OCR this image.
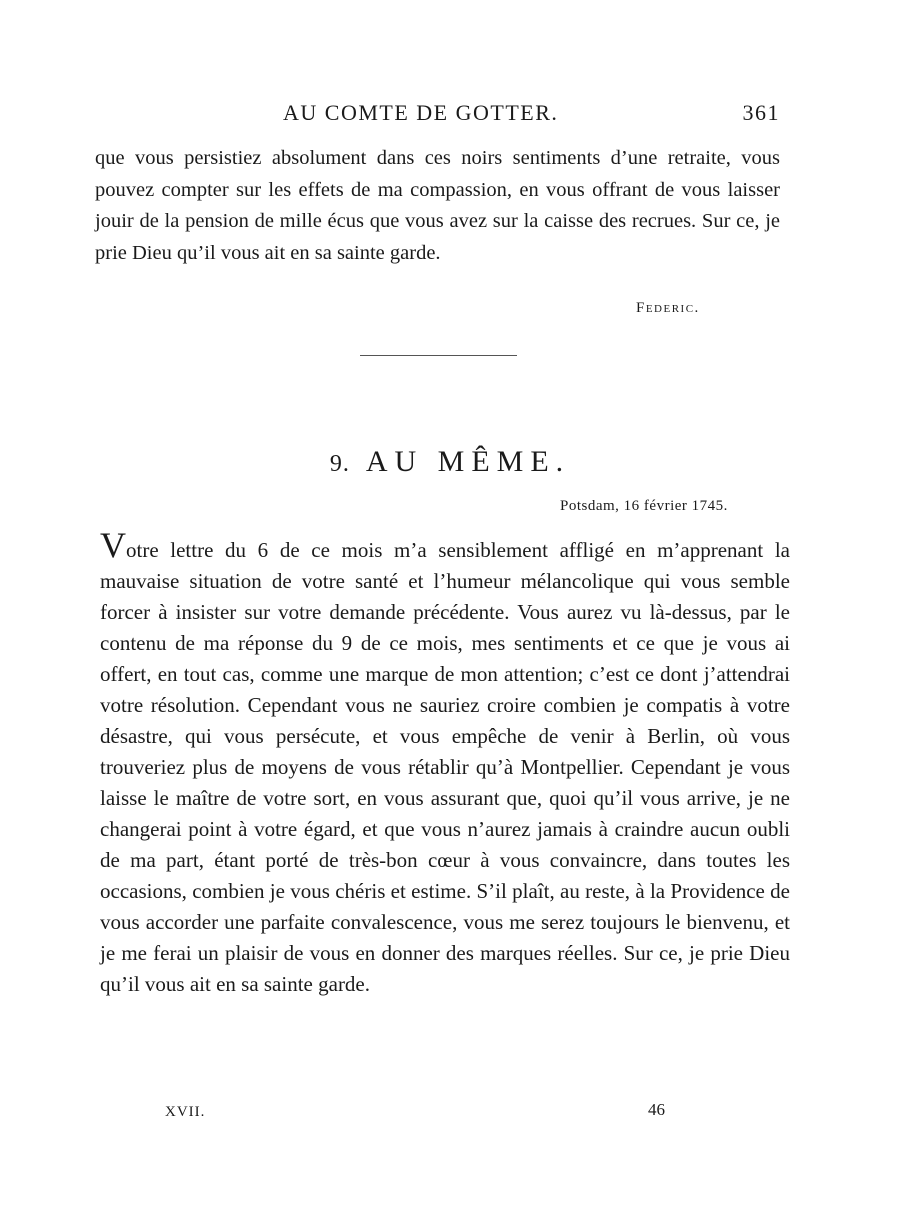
AU COMTE DE GOTTER.	361

que vous persistiez absolument dans ces noirs sentiments d’une retraite, vous pouvez compter sur les effets de ma compassion, en vous offrant de vous laisser jouir de la pension de mille écus que vous avez sur la caisse des recrues. Sur ce, je prie Dieu qu’il vous ait en sa sainte garde.

Federic.
9. AU MÊME.
Potsdam, 16 février 1745.

Votre lettre du 6 de ce mois m’a sensiblement affligé en m’apprenant la mauvaise situation de votre santé et l’humeur mélancolique qui vous semble forcer à insister sur votre demande précédente. Vous aurez vu là-dessus, par le contenu de ma réponse du 9 de ce mois, mes sentiments et ce que je vous ai offert, en tout cas, comme une marque de mon attention; c’est ce dont j’attendrai votre résolution. Cependant vous ne sauriez croire combien je compatis à votre désastre, qui vous persécute, et vous empêche de venir à Berlin, où vous trouveriez plus de moyens de vous rétablir qu’à Montpellier. Cependant je vous laisse le maître de votre sort, en vous assurant que, quoi qu’il vous arrive, je ne changerai point à votre égard, et que vous n’aurez jamais à craindre aucun oubli de ma part, étant porté de très-bon cœur à vous convaincre, dans toutes les occasions, combien je vous chéris et estime. S’il plaît, au reste, à la Providence de vous accorder une parfaite convalescence, vous me serez toujours le bienvenu, et je me ferai un plaisir de vous en donner des marques réelles. Sur ce, je prie Dieu qu’il vous ait en sa sainte garde.

XVII.	46
